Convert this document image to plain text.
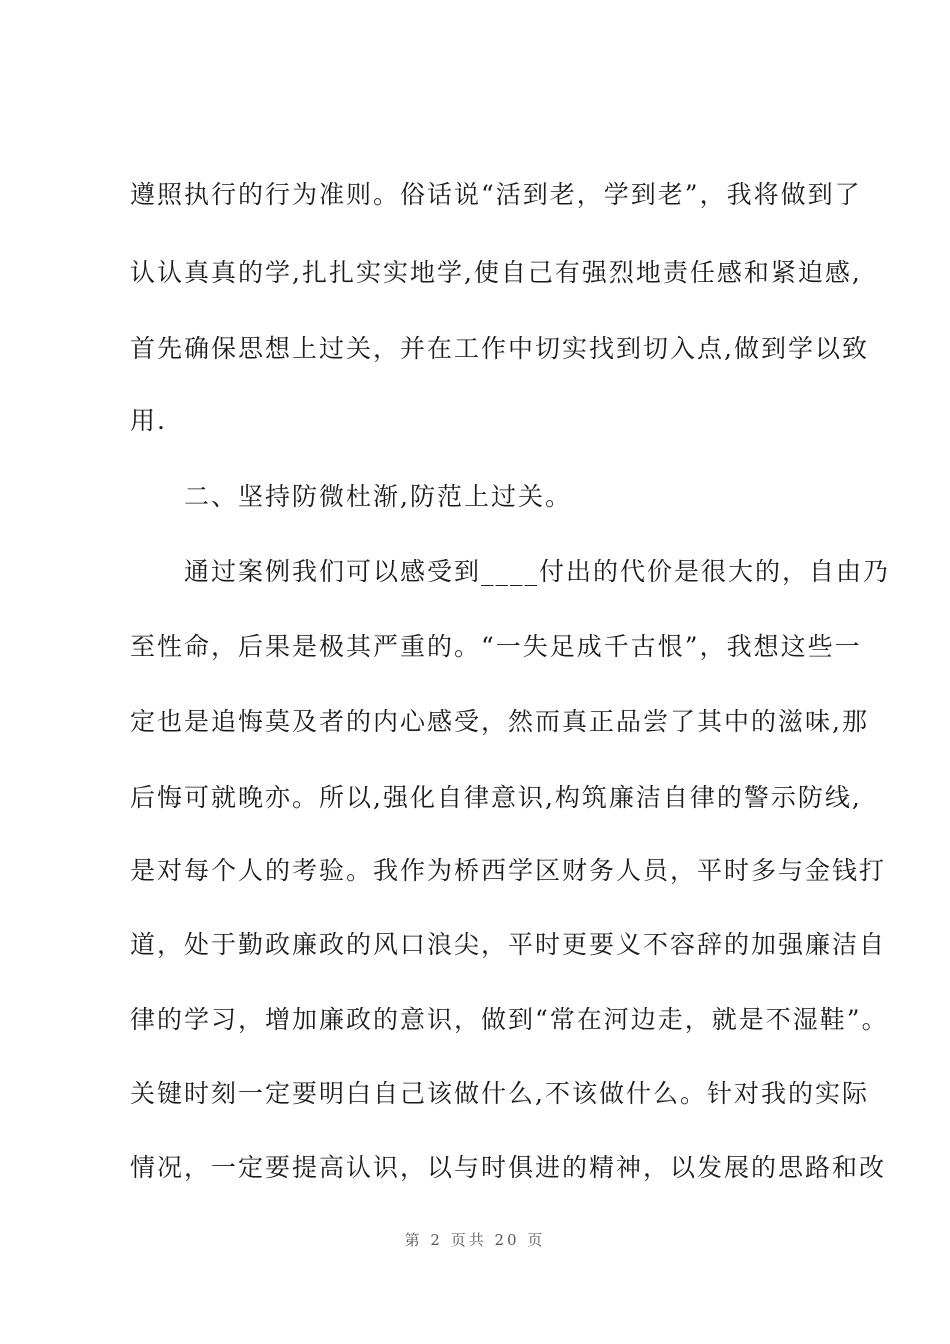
遵照执行的行为准则。俗话说“活到老，学到老”，我将做到了
认认真真的学,扎扎实实地学,使自己有强烈地责任感和紧迫感,
首先确保思想上过关，并在工作中切实找到切入点,做到学以致
用.
　　二、坚持防微杜渐,防范上过关。
　　通过案例我们可以感受到____付出的代价是很大的，自由乃
至性命，后果是极其严重的。“一失足成千古恨”，我想这些一
定也是追悔莫及者的内心感受，然而真正品尝了其中的滋味,那
后悔可就晚亦。所以,强化自律意识,构筑廉洁自律的警示防线,
是对每个人的考验。我作为桥西学区财务人员，平时多与金钱打
道，处于勤政廉政的风口浪尖，平时更要义不容辞的加强廉洁自
律的学习，增加廉政的意识，做到“常在河边走，就是不湿鞋”。
关键时刻一定要明白自己该做什么,不该做什么。针对我的实际
情况，一定要提高认识，以与时俱进的精神，以发展的思路和改
第 2 页共 20 页
